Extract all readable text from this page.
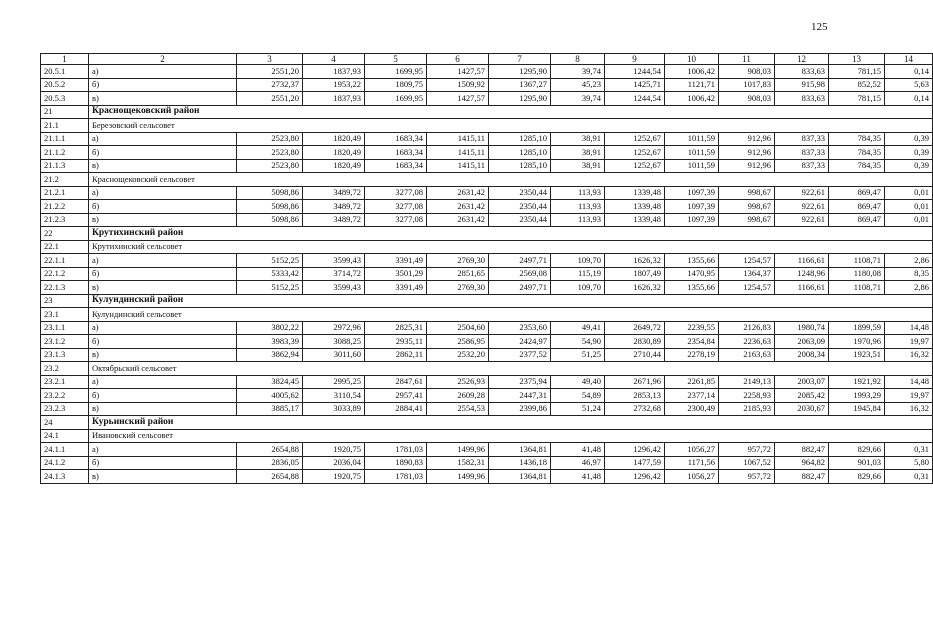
125
1	2	3	4	5	6	7	8	9	10	11	12	13	14
20.5.1	а)	2551,20	1837,93	1699,95	1427,57	1295,90	39,74	1244,54	1006,42	908,03	833,63	781,15	0,14
20.5.2	б)	2732,37	1953,22	1809,75	1509,92	1367,27	45,23	1425,71	1121,71	1017,83	915,98	852,52	5,63
20.5.3	в)	2551,20	1837,93	1699,95	1427,57	1295,90	39,74	1244,54	1006,42	908,03	833,63	781,15	0,14
21	Краснощековский район												
21.1	Березовский сельсовет												
21.1.1	а)	2523,80	1820,49	1683,34	1415,11	1285,10	38,91	1252,67	1011,59	912,96	837,33	784,35	0,39
21.1.2	б)	2523,80	1820,49	1683,34	1415,11	1285,10	38,91	1252,67	1011,59	912,96	837,33	784,35	0,39
21.1.3	в)	2523,80	1820,49	1683,34	1415,11	1285,10	38,91	1252,67	1011,59	912,96	837,33	784,35	0,39
21.2	Краснощековский сельсовет												
21.2.1	а)	5098,86	3489,72	3277,08	2631,42	2350,44	113,93	1339,48	1097,39	998,67	922,61	869,47	0,01
21.2.2	б)	5098,86	3489,72	3277,08	2631,42	2350,44	113,93	1339,48	1097,39	998,67	922,61	869,47	0,01
21.2.3	в)	5098,86	3489,72	3277,08	2631,42	2350,44	113,93	1339,48	1097,39	998,67	922,61	869,47	0,01
22	Крутихинский район												
22.1	Крутихинский сельсовет												
22.1.1	а)	5152,25	3599,43	3391,49	2769,30	2497,71	109,70	1626,32	1355,66	1254,57	1166,61	1108,71	2,86
22.1.2	б)	5333,42	3714,72	3501,29	2851,65	2569,08	115,19	1807,49	1470,95	1364,37	1248,96	1180,08	8,35
22.1.3	в)	5152,25	3599,43	3391,49	2769,30	2497,71	109,70	1626,32	1355,66	1254,57	1166,61	1108,71	2,86
23	Кулундинский район												
23.1	Кулундинский сельсовет												
23.1.1	а)	3802,22	2972,96	2825,31	2504,60	2353,60	49,41	2649,72	2239,55	2126,83	1980,74	1899,59	14,48
23.1.2	б)	3983,39	3088,25	2935,11	2586,95	2424,97	54,90	2830,89	2354,84	2236,63	2063,09	1970,96	19,97
23.1.3	в)	3862,94	3011,60	2862,11	2532,20	2377,52	51,25	2710,44	2278,19	2163,63	2008,34	1923,51	16,32
23.2	Октябрьский сельсовет												
23.2.1	а)	3824,45	2995,25	2847,61	2526,93	2375,94	49,40	2671,96	2261,85	2149,13	2003,07	1921,92	14,48
23.2.2	б)	4005,62	3110,54	2957,41	2609,28	2447,31	54,89	2853,13	2377,14	2258,93	2085,42	1993,29	19,97
23.2.3	в)	3885,17	3033,89	2884,41	2554,53	2399,86	51,24	2732,68	2300,49	2185,93	2030,67	1945,84	16,32
24	Курьинский район												
24.1	Ивановский сельсовет												
24.1.1	а)	2654,88	1920,75	1781,03	1499,96	1364,81	41,48	1296,42	1056,27	957,72	882,47	829,66	0,31
24.1.2	б)	2836,05	2036,04	1890,83	1582,31	1436,18	46,97	1477,59	1171,56	1067,52	964,82	901,03	5,80
24.1.3	в)	2654,88	1920,75	1781,03	1499,96	1364,81	41,48	1296,42	1056,27	957,72	882,47	829,66	0,31
